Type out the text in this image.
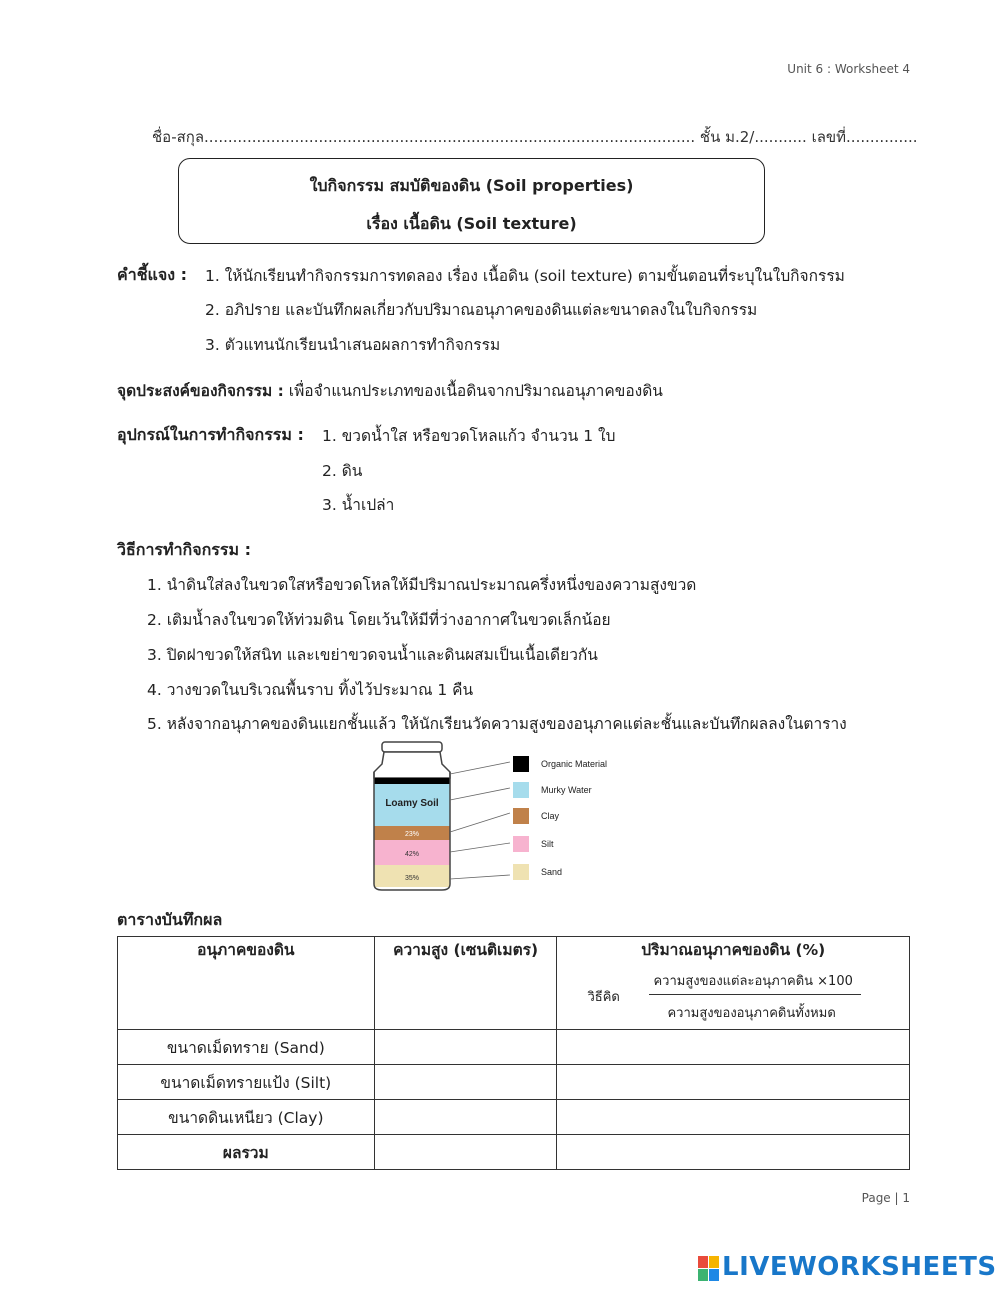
Unit 6 : Worksheet 4
ชื่อ-สกุล....................................................................................................... ชั้น ม.2/........... เลขที่...............
ใบกิจกรรม สมบัติของดิน (Soil properties)
เรื่อง เนื้อดิน (Soil texture)
คำชี้แจง : 1. ให้นักเรียนทำกิจกรรมการทดลอง เรื่อง เนื้อดิน (soil texture) ตามขั้นตอนที่ระบุในใบกิจกรรม
2. อภิปราย และบันทึกผลเกี่ยวกับปริมาณอนุภาคของดินแต่ละขนาดลงในใบกิจกรรม
3. ตัวแทนนักเรียนนำเสนอผลการทำกิจกรรม
จุดประสงค์ของกิจกรรม : เพื่อจำแนกประเภทของเนื้อดินจากปริมาณอนุภาคของดิน
อุปกรณ์ในการทำกิจกรรม : 1. ขวดน้ำใส หรือขวดโหลแก้ว จำนวน 1 ใบ
2. ดิน
3. น้ำเปล่า
วิธีการทำกิจกรรม :
1. นำดินใส่ลงในขวดใสหรือขวดโหลให้มีปริมาณประมาณครึ่งหนึ่งของความสูงขวด
2. เติมน้ำลงในขวดให้ท่วมดิน โดยเว้นให้มีที่ว่างอากาศในขวดเล็กน้อย
3. ปิดฝาขวดให้สนิท และเขย่าขวดจนน้ำและดินผสมเป็นเนื้อเดียวกัน
4. วางขวดในบริเวณพื้นราบ ทิ้งไว้ประมาณ 1 คืน
5. หลังจากอนุภาคของดินแยกชั้นแล้ว ให้นักเรียนวัดความสูงของอนุภาคแต่ละชั้นและบันทึกผลลงในตาราง
Loamy Soil
23%
42%
35%
Organic Material
Murky Water
Clay
Silt
Sand
ตารางบันทึกผล
อนุภาคของดิน	ความสูง (เซนติเมตร)	ปริมาณอนุภาคของดิน (%)
วิธีคิด
ความสูงของแต่ละอนุภาคดิน ×100
ความสูงของอนุภาคดินทั้งหมด

ขนาดเม็ดทราย (Sand)		
ขนาดเม็ดทรายแป้ง (Silt)		
ขนาดดินเหนียว (Clay)		
ผลรวม		
Page | 1
LIVEWORKSHEETS
